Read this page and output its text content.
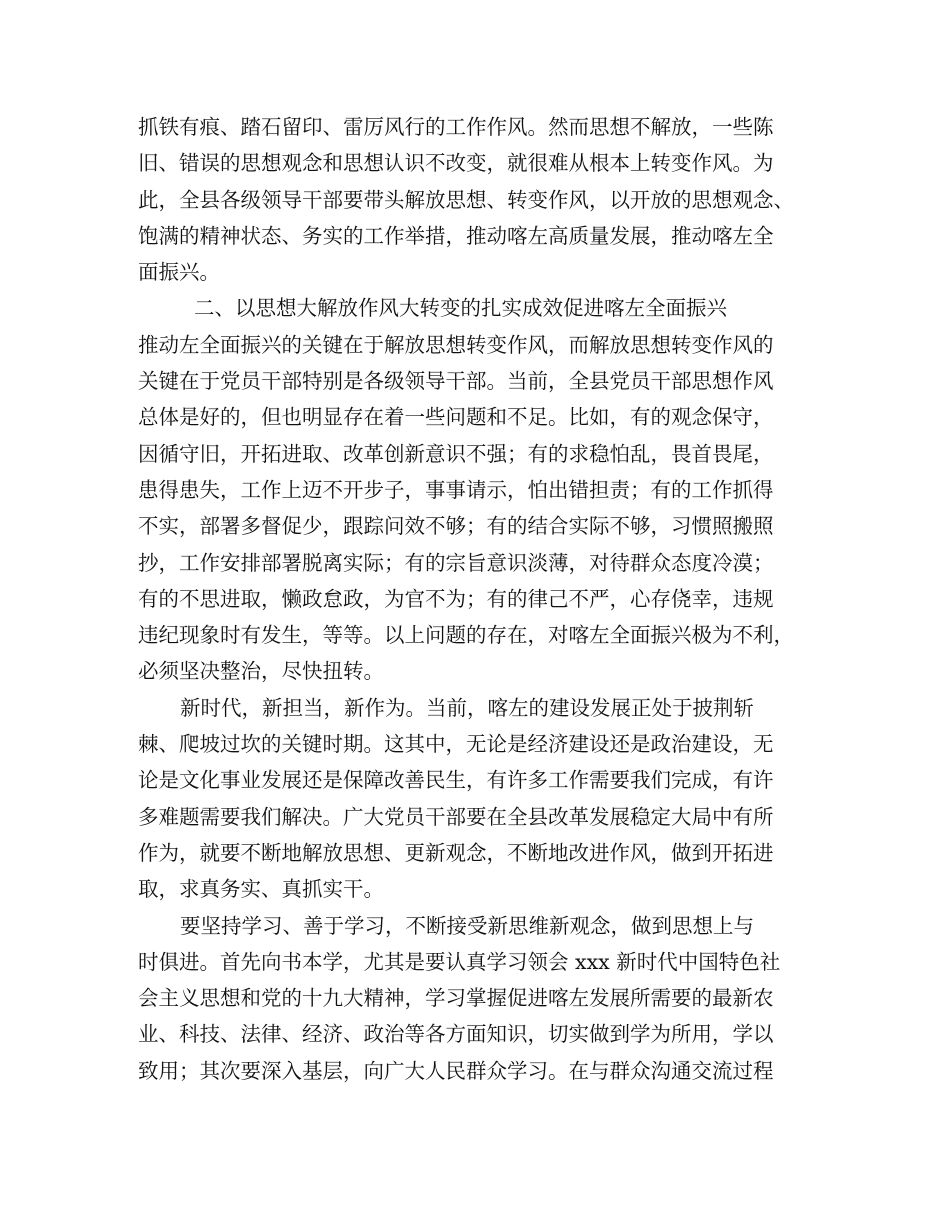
抓铁有痕、踏石留印、雷厉风行的工作作风。然而思想不解放，一些陈
旧、错误的思想观念和思想认识不改变，就很难从根本上转变作风。为
此，全县各级领导干部要带头解放思想、转变作风，以开放的思想观念、
饱满的精神状态、务实的工作举措，推动喀左高质量发展，推动喀左全
面振兴。
二、以思想大解放作风大转变的扎实成效促进喀左全面振兴
推动左全面振兴的关键在于解放思想转变作风，而解放思想转变作风的
关键在于党员干部特别是各级领导干部。当前，全县党员干部思想作风
总体是好的，但也明显存在着一些问题和不足。比如，有的观念保守，
因循守旧，开拓进取、改革创新意识不强；有的求稳怕乱，畏首畏尾，
患得患失，工作上迈不开步子，事事请示，怕出错担责；有的工作抓得
不实，部署多督促少，跟踪问效不够；有的结合实际不够，习惯照搬照
抄，工作安排部署脱离实际；有的宗旨意识淡薄，对待群众态度冷漠；
有的不思进取，懒政怠政，为官不为；有的律己不严，心存侥幸，违规
违纪现象时有发生，等等。以上问题的存在，对喀左全面振兴极为不利，
必须坚决整治，尽快扭转。
新时代，新担当，新作为。当前，喀左的建设发展正处于披荆斩
棘、爬坡过坎的关键时期。这其中，无论是经济建设还是政治建设，无
论是文化事业发展还是保障改善民生，有许多工作需要我们完成，有许
多难题需要我们解决。广大党员干部要在全县改革发展稳定大局中有所
作为，就要不断地解放思想、更新观念，不断地改进作风，做到开拓进
取，求真务实、真抓实干。
要坚持学习、善于学习，不断接受新思维新观念，做到思想上与
时俱进。首先向书本学，尤其是要认真学习领会 xxx 新时代中国特色社
会主义思想和党的十九大精神，学习掌握促进喀左发展所需要的最新农
业、科技、法律、经济、政治等各方面知识，切实做到学为所用，学以
致用；其次要深入基层，向广大人民群众学习。在与群众沟通交流过程
